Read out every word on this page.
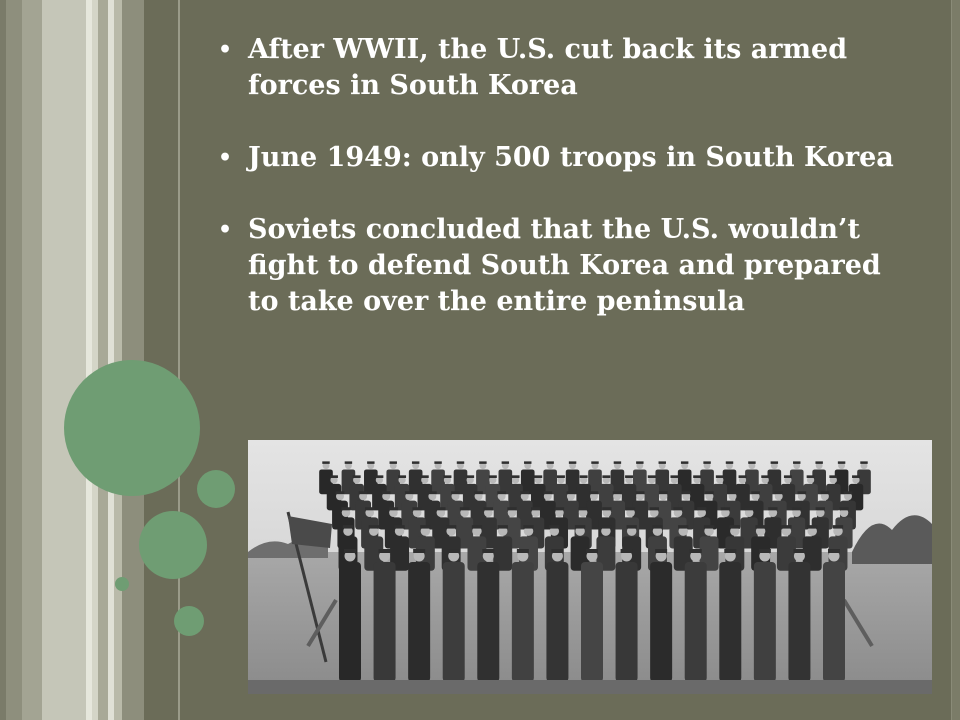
• After WWII, the U.S. cut back its armed forces in South Korea
• June 1949: only 500 troops in South Korea
• Soviets concluded that the U.S. wouldn’t fight to defend South Korea and prepared to take over the entire peninsula
